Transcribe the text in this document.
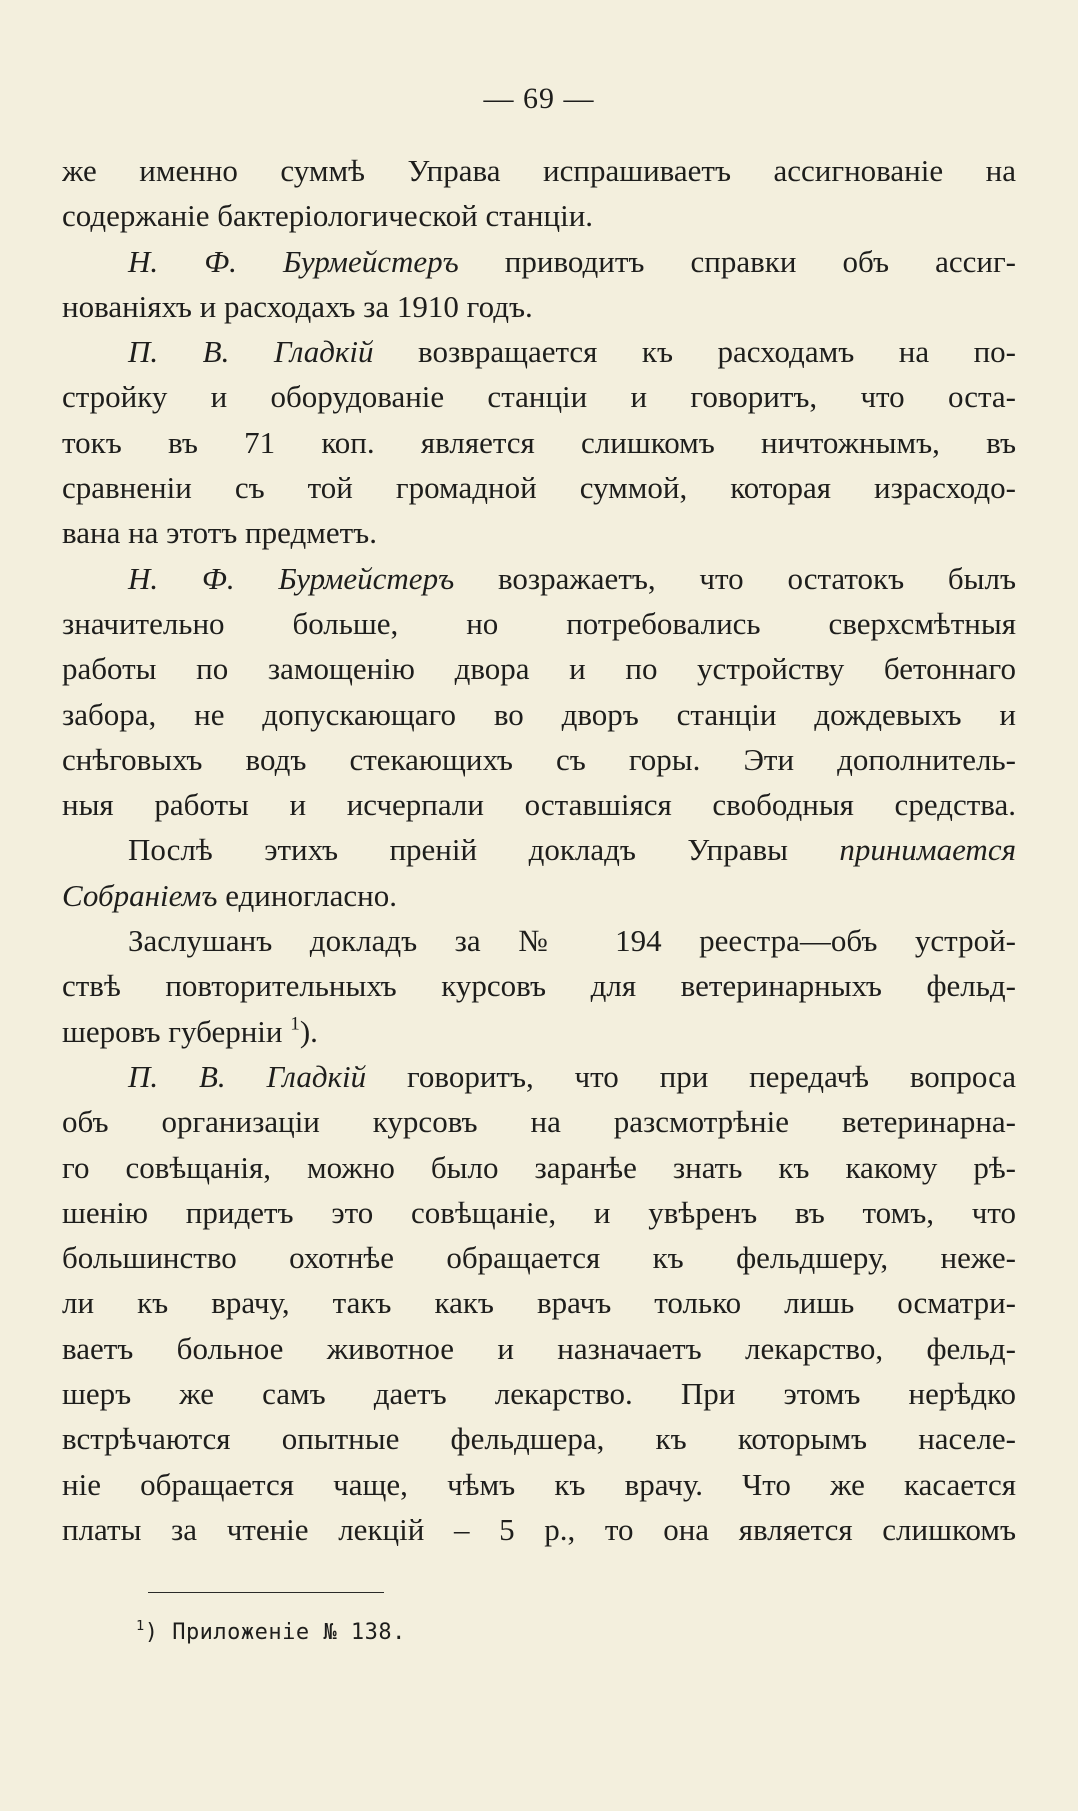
— 69 —
же именно суммѣ Управа испрашиваетъ ассигнованіе на
содержаніе бактеріологической станціи.
Н. Ф. Бурмейстеръ приводитъ справки объ ассиг-
нованіяхъ и расходахъ за 1910 годъ.
П. В. Гладкій возвращается къ расходамъ на по-
стройку и оборудованіе станціи и говоритъ, что оста-
токъ въ 71 коп. является слишкомъ ничтожнымъ, въ
сравненіи съ той громадной суммой, которая израсходо-
вана на этотъ предметъ.
Н. Ф. Бурмейстеръ возражаетъ, что остатокъ былъ
значительно больше, но потребовались сверхсмѣтныя
работы по замощенію двора и по устройству бетоннаго
забора, не допускающаго во дворъ станціи дождевыхъ и
снѣговыхъ водъ стекающихъ съ горы. Эти дополнитель-
ныя работы и исчерпали оставшіяся свободныя средства.
Послѣ этихъ преній докладъ Управы принимается
Собраніемъ единогласно.
Заслушанъ докладъ за № 194 реестра—объ устрой-
ствѣ повторительныхъ курсовъ для ветеринарныхъ фельд-
шеровъ губерніи $^1$).
П. В. Гладкій говоритъ, что при передачѣ вопроса
объ организаціи курсовъ на разсмотрѣніе ветеринарна-
го совѣщанія, можно было заранѣе знать къ какому рѣ-
шенію придетъ это совѣщаніе, и увѣренъ въ томъ, что
большинство охотнѣе обращается къ фельдшеру, неже-
ли къ врачу, такъ какъ врачъ только лишь осматри-
ваетъ больное животное и назначаетъ лекарство, фельд-
шеръ же самъ даетъ лекарство. При этомъ нерѣдко
встрѣчаются опытные фельдшера, къ которымъ населе-
ніе обращается чаще, чѣмъ къ врачу. Что же касается
платы за чтеніе лекцій – 5 р., то она является слишкомъ
$^1$) Приложеніе № 138.
